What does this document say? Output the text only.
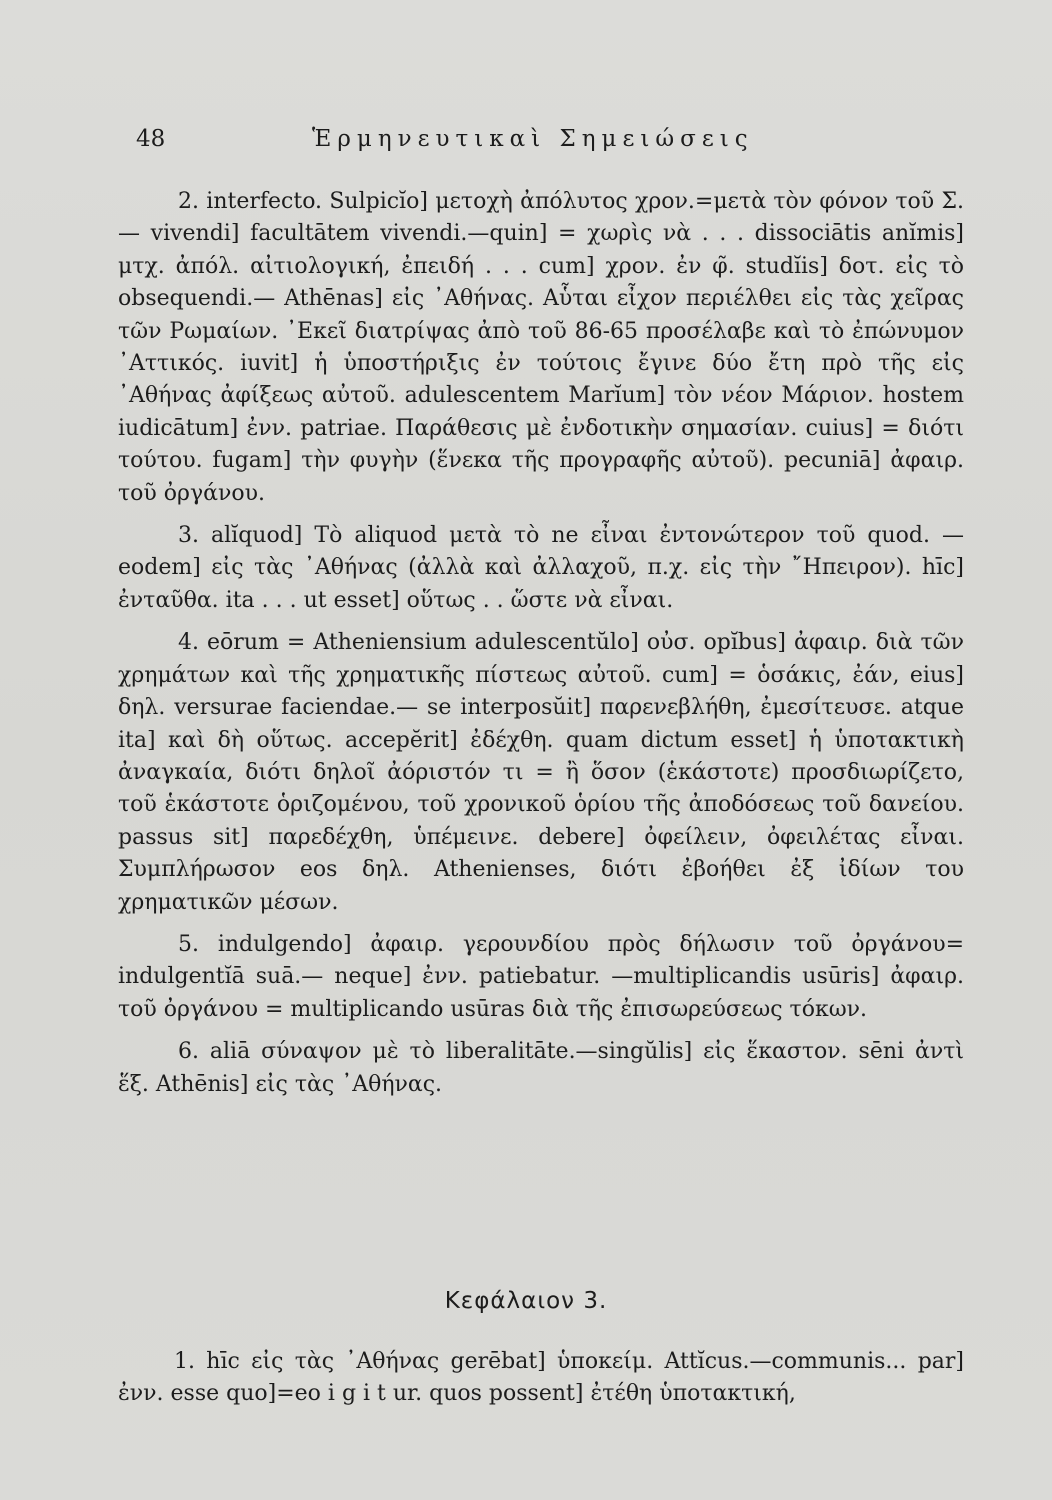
48	Ἑρμηνευτικαὶ Σημειώσεις

2. interfecto. Sulpicĭo] μετοχὴ ἀπόλυτος χρον.=μετὰ τὸν φόνον τοῦ Σ.— vivendi] facultātem vivendi.—quin] = χωρὶς νὰ . . . dissociātis anĭmis] μτχ. ἀπόλ. αἰτιολογική, ἐπειδή . . . cum] χρον. ἐν φ̃. studĭis] δοτ. εἰς τὸ obsequendi.— Athēnas] εἰς ᾿Αθήνας. Αὗται εἶχον περιέλθει εἰς τὰς χεῖρας τῶν Ρωμαίων. ᾿Εκεῖ διατρίψας ἀπὸ τοῦ 86-65 προσέλαβε καὶ τὸ ἐπώνυμον ᾿Αττικός. iuvit] ἡ ὑποστήριξις ἐν τούτοις ἔγινε δύο ἔτη πρὸ τῆς εἰς ᾿Αθήνας ἀφίξεως αὐτοῦ. adulescentem Marĭum] τὸν νέον Μάριον. hostem iudicātum] ἐνν. patriae. Παράθεσις μὲ ἐνδοτικὴν σημασίαν. cuius] = διότι τούτου. fugam] τὴν φυγὴν (ἕνεκα τῆς προγραφῆς αὐτοῦ). pecuniā] ἀφαιρ. τοῦ ὀργάνου.

3. alĭquod] Τὸ aliquod μετὰ τὸ ne εἶναι ἐντονώτερον τοῦ quod. — eodem] εἰς τὰς ᾿Αθήνας (ἀλλὰ καὶ ἀλλαχοῦ, π.χ. εἰς τὴν ῎Ηπειρον). hīc] ἐνταῦθα. ita . . . ut esset] οὕτως . . ὥστε νὰ εἶναι.

4. eōrum = Atheniensium adulescentŭlo] οὐσ. opĭbus] ἀφαιρ. διὰ τῶν χρημάτων καὶ τῆς χρηματικῆς πίστεως αὐτοῦ. cum] = ὁσάκις, ἐάν, eius] δηλ. versurae faciendae.— se interposŭit] παρενεβλήθη, ἐμεσίτευσε. atque ita] καὶ δὴ οὕτως. accepĕrit] ἐδέχθη. quam dictum esset] ἡ ὑποτακτικὴ ἀναγκαία, διότι δηλοῖ ἀόριστόν τι = ἢ ὅσον (ἑκάστοτε) προσδιωρίζετο, τοῦ ἑκάστοτε ὁριζομένου, τοῦ χρονικοῦ ὁρίου τῆς ἀποδόσεως τοῦ δανείου. passus sit] παρεδέχθη, ὑπέμεινε. debere] ὀφείλειν, ὀφειλέτας εἶναι. Συμπλήρωσον eos δηλ. Athenienses, διότι ἐβοήθει ἐξ ἰδίων του χρηματικῶν μέσων.

5. indulgendo] ἀφαιρ. γερουνδίου πρὸς δήλωσιν τοῦ ὀργάνου= indulgentĭā suā.— neque] ἐνν. patiebatur. —multiplicandis usūris] ἀφαιρ. τοῦ ὀργάνου = multiplicando usūras διὰ τῆς ἐπισωρεύσεως τόκων.

6. aliā σύναψον μὲ τὸ liberalitāte.—singŭlis] εἰς ἕκαστον. sēni ἀντὶ ἕξ. Athēnis] εἰς τὰς ᾿Αθήνας.

Κεφάλαιον 3.

1. hīc εἰς τὰς ᾿Αθήνας gerēbat] ὑποκείμ. Attĭcus.—communis... par] ἐνν. esse quo]=eo i g i t ur. quos possent] ἐτέθη ὑποτακτική,
